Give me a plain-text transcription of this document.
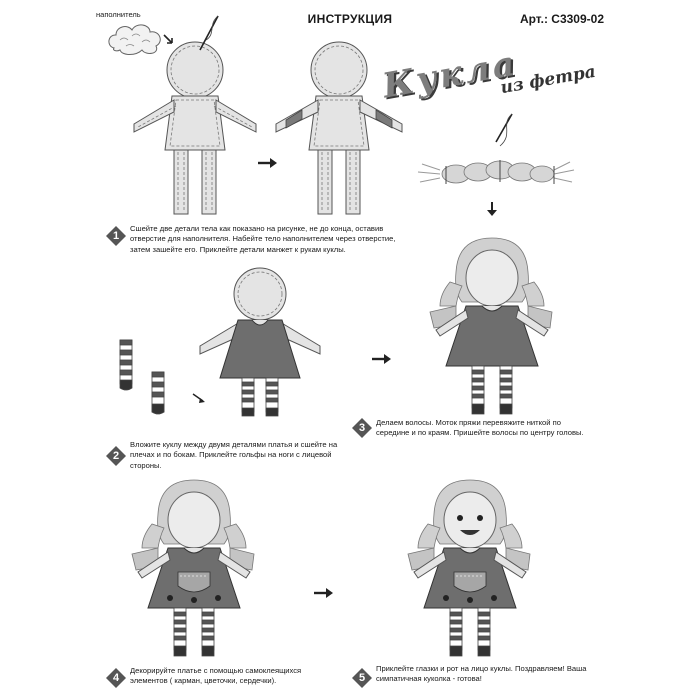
ИНСТРУКЦИЯ	Арт.: С3309-02
Кукла
из фетра
наполнитель
1
Сшейте две детали тела как показано на рисунке, не до конца, оставив отверстие для наполнителя. Набейте тело наполнителем через отверстие, затем зашейте его. Приклейте детали манжет к рукам куклы.
2
Вложите куклу между двумя деталями платья и сшейте на плечах и по бокам. Приклейте гольфы на ноги с лицевой стороны.
3	Делаем волосы. Моток пряжи перевяжите ниткой по середине и по краям. Пришейте волосы по центру головы.
4
Декорируйте платье с помощью самоклеящихся элементов ( карман, цветочки, сердечки).	5
Приклейте глазки и рот на лицо куклы. Поздравляем! Ваша симпатичная куколка - готова!
